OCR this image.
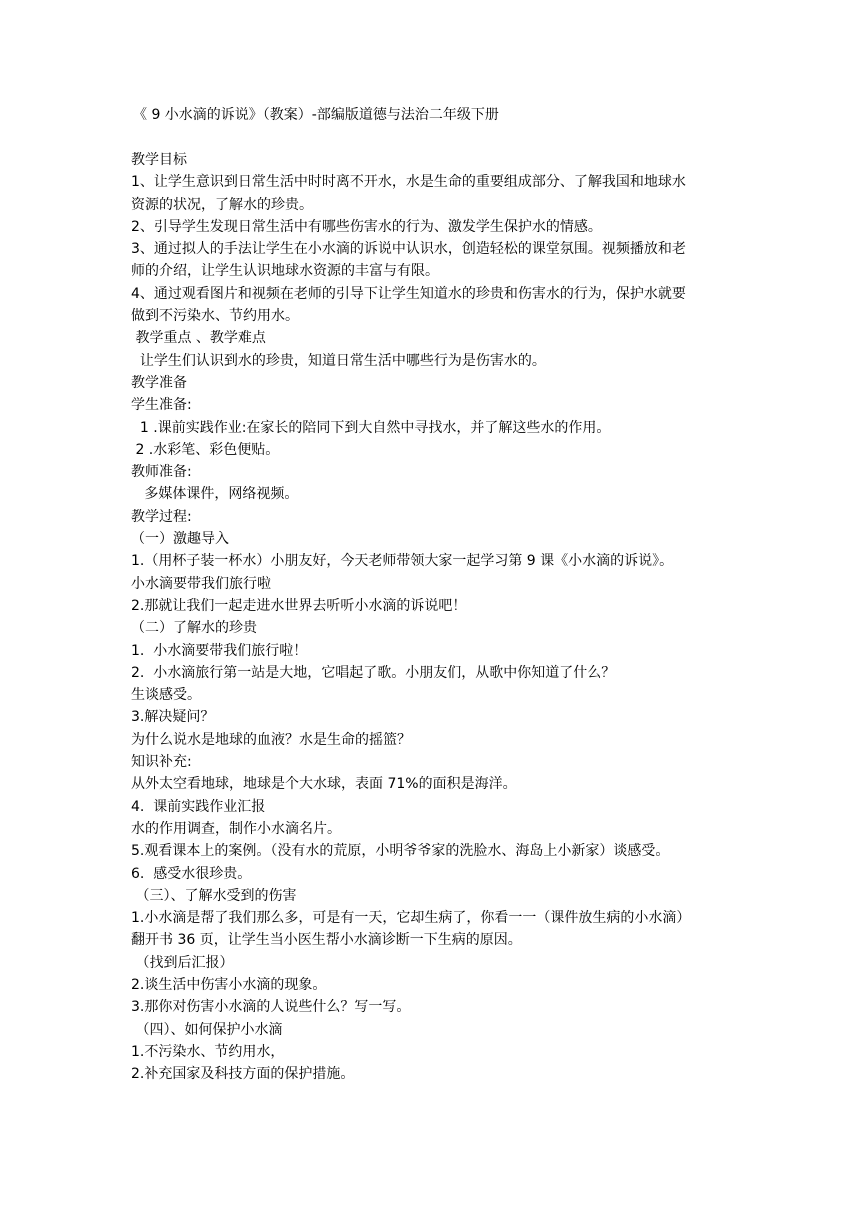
《 9 小水滴的诉说》（教案）-部编版道德与法治二年级下册
教学目标
1、让学生意识到日常生活中时时离不开水，水是生命的重要组成部分、了解我国和地球水
资源的状况，了解水的珍贵。
2、引导学生发现日常生活中有哪些伤害水的行为、激发学生保护水的情感。
3、通过拟人的手法让学生在小水滴的诉说中认识水，创造轻松的课堂氛围。视频播放和老
师的介绍，让学生认识地球水资源的丰富与有限。
4、通过观看图片和视频在老师的引导下让学生知道水的珍贵和伤害水的行为，保护水就要
做到不污染水、节约用水。
教学重点 、教学难点
让学生们认识到水的珍贵，知道日常生活中哪些行为是伤害水的。
教学准备
学生准备:
1 .课前实践作业:在家长的陪同下到大自然中寻找水，并了解这些水的作用。
2 .水彩笔、彩色便贴。
教师准备:
多媒体课件，网络视频。
教学过程:
（一）激趣导入
1.（用杯子装一杯水）小朋友好，今天老师带领大家一起学习第 9 课《小水滴的诉说》。
小水滴要带我们旅行啦
2.那就让我们一起走进水世界去听听小水滴的诉说吧！
（二）了解水的珍贵
1.  小水滴要带我们旅行啦！
2.  小水滴旅行第一站是大地，它唱起了歌。小朋友们，从歌中你知道了什么？
生谈感受。
3.解决疑问？
为什么说水是地球的血液？水是生命的摇篮？
知识补充:
从外太空看地球，地球是个大水球，表面 71%的面积是海洋。
4.  课前实践作业汇报
水的作用调查，制作小水滴名片。
5.观看课本上的案例。（没有水的荒原，小明爷爷家的洗脸水、海岛上小新家）谈感受。
6.  感受水很珍贵。
（三）、了解水受到的伤害
1.小水滴是帮了我们那么多，可是有一天，它却生病了，你看一一（课件放生病的小水滴）
翻开书 36 页，让学生当小医生帮小水滴诊断一下生病的原因。
（找到后汇报）
2.谈生活中伤害小水滴的现象。
3.那你对伤害小水滴的人说些什么？写一写。
（四）、如何保护小水滴
1.不污染水、节约用水，
2.补充国家及科技方面的保护措施。
